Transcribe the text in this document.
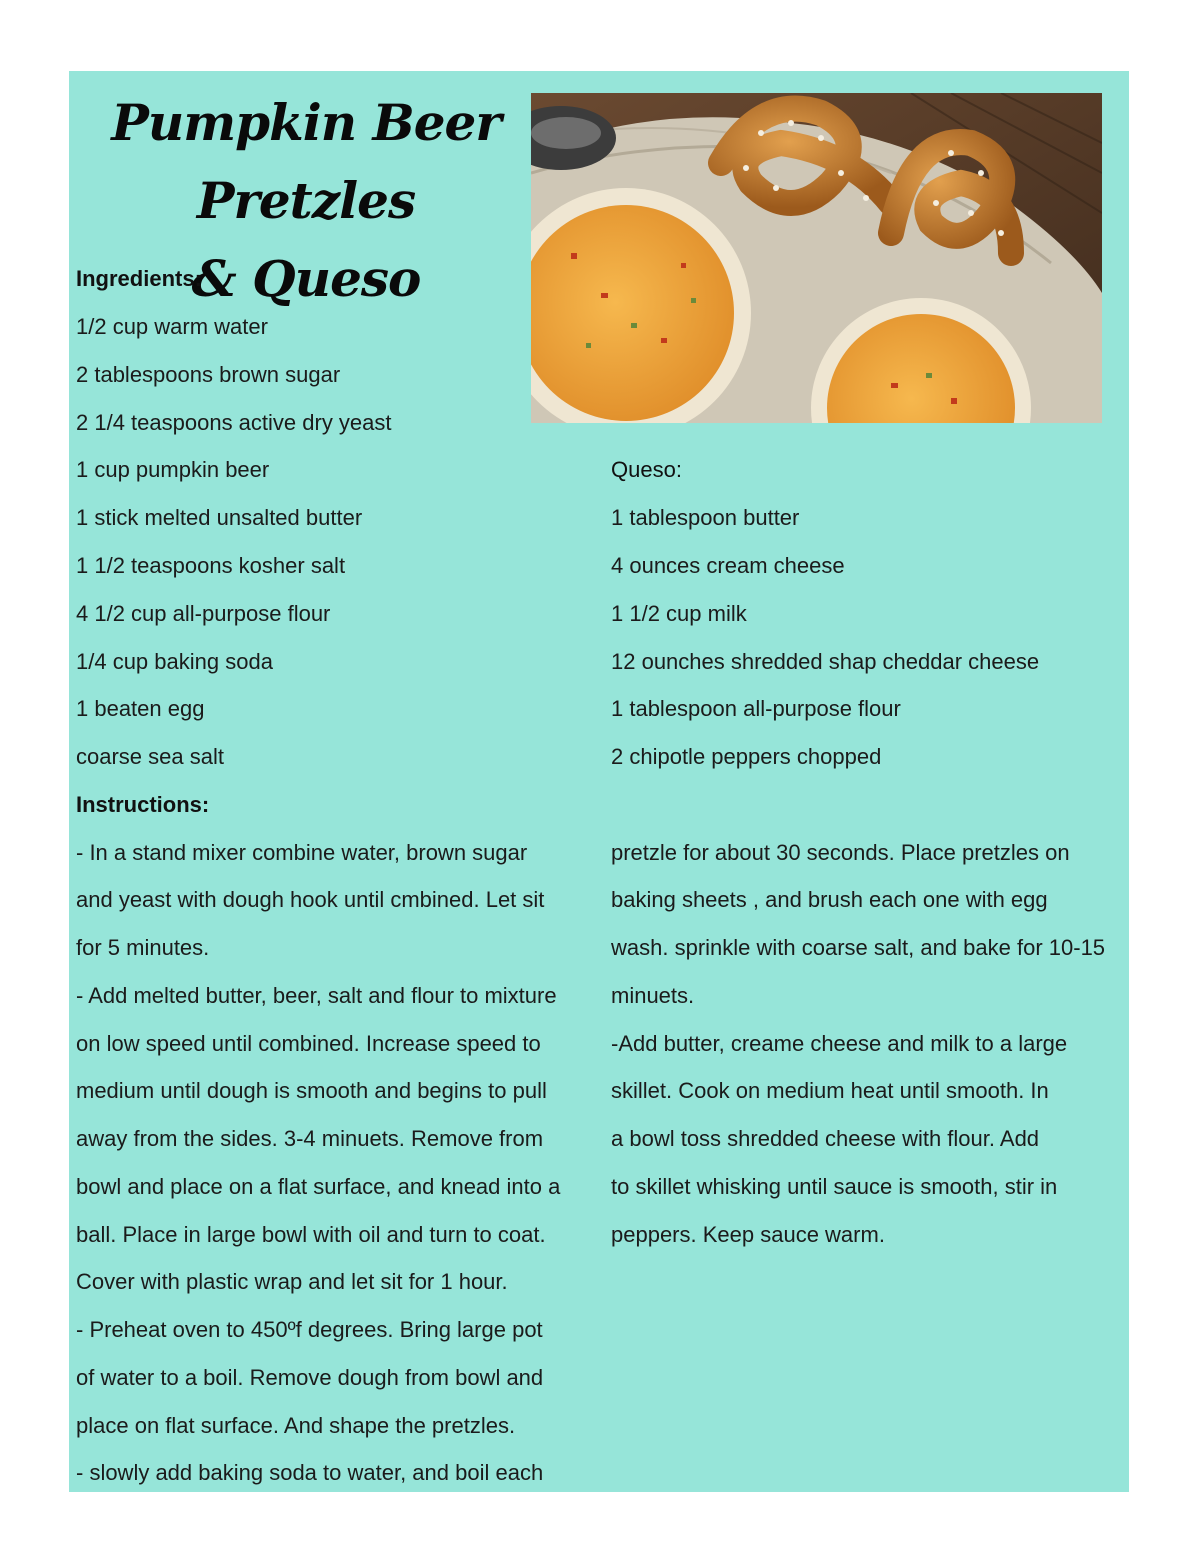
Pumpkin Beer Pretzles
& Queso
Ingredients:
1/2 cup warm water
2 tablespoons brown sugar
2 1/4 teaspoons active dry yeast
1 cup pumpkin beer
1 stick melted unsalted butter
1 1/2 teaspoons kosher salt
4 1/2 cup all-purpose flour
1/4 cup baking soda
1 beaten egg
coarse sea salt
Queso:
1 tablespoon butter
4 ounces cream cheese
1 1/2 cup milk
12 ounches shredded shap cheddar cheese
1 tablespoon all-purpose flour
2 chipotle peppers chopped
Instructions:
- In a stand mixer combine water, brown sugar
and yeast with dough hook until cmbined. Let sit
for 5 minutes.
- Add melted butter, beer, salt and flour to mixture
on low speed until combined. Increase speed to
medium until dough is smooth and begins to pull
away from the sides. 3-4 minuets. Remove from
bowl and place on a flat surface, and knead into a
ball. Place in large bowl with oil and turn to coat.
Cover with plastic wrap and let sit for 1 hour.
- Preheat oven to 450ºf degrees. Bring large pot
of water to a boil. Remove dough from bowl and
place on flat surface. And shape the pretzles.
- slowly add baking soda to water, and boil each
pretzle for about 30 seconds. Place pretzles on
baking sheets , and brush each one with egg
wash. sprinkle with coarse salt, and bake for 10-15
minuets.
-Add butter, creame cheese and milk to a large
skillet. Cook on medium heat until smooth. In
a bowl toss shredded cheese with flour. Add
to skillet whisking until sauce is smooth, stir in
peppers. Keep sauce warm.
